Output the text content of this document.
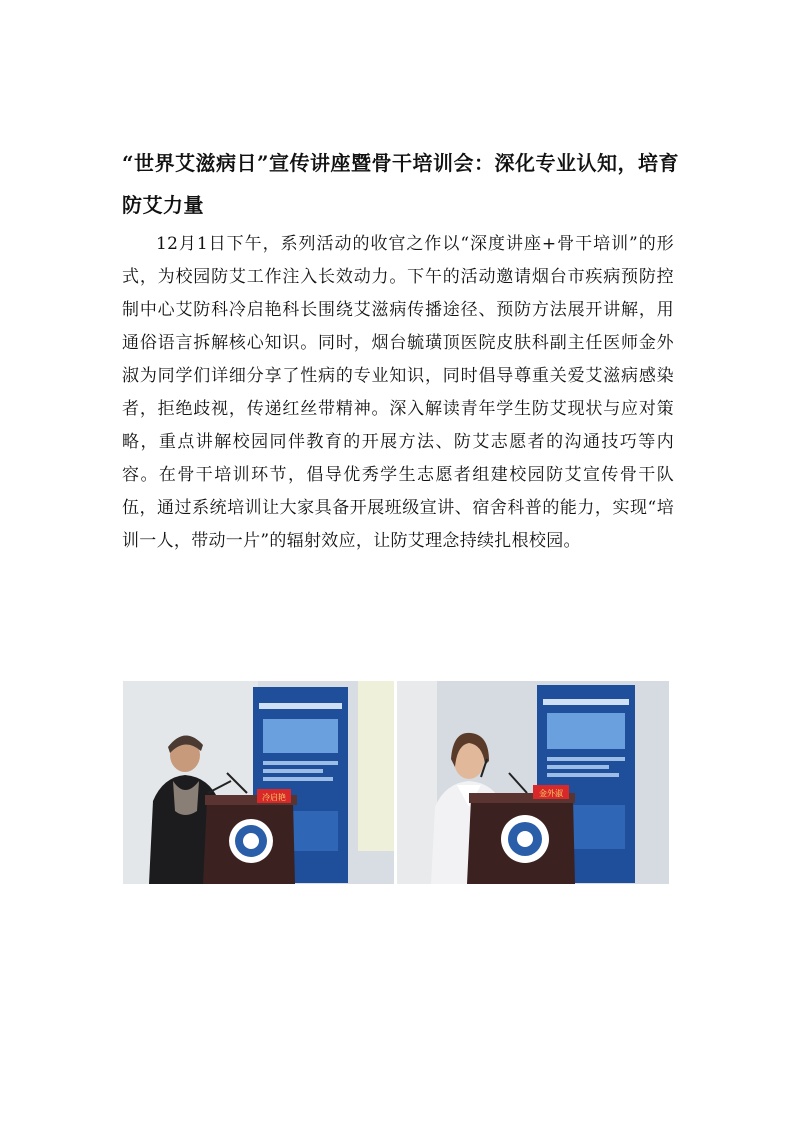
“世界艾滋病日”宣传讲座暨骨干培训会：深化专业认知，培育防艾力量

12月1日下午，系列活动的收官之作以“深度讲座+骨干培训”的形式，为校园防艾工作注入长效动力。下午的活动邀请烟台市疾病预防控制中心艾防科冷启艳科长围绕艾滋病传播途径、预防方法展开讲解，用通俗语言拆解核心知识。同时，烟台毓璜顶医院皮肤科副主任医师金外淑为同学们详细分享了性病的专业知识，同时倡导尊重关爱艾滋病感染者，拒绝歧视，传递红丝带精神。深入解读青年学生防艾现状与应对策略，重点讲解校园同伴教育的开展方法、防艾志愿者的沟通技巧等内容。在骨干培训环节，倡导优秀学生志愿者组建校园防艾宣传骨干队伍，通过系统培训让大家具备开展班级宣讲、宿舍科普的能力，实现“培训一人，带动一片”的辐射效应，让防艾理念持续扎根校园。

冷启艳	金外淑
